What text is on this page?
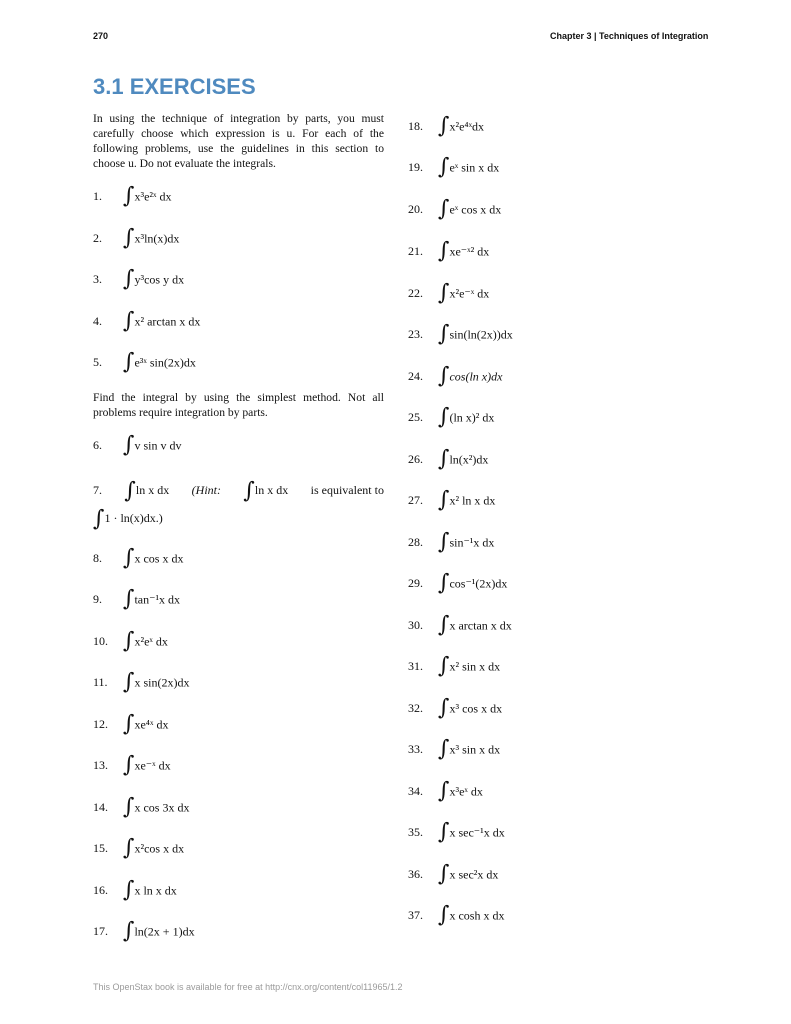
270	Chapter 3 | Techniques of Integration
3.1 EXERCISES
In using the technique of integration by parts, you must carefully choose which expression is u. For each of the following problems, use the guidelines in this section to choose u. Do not evaluate the integrals.
1. ∫x³e²ˣ dx
2. ∫x³ln(x)dx
3. ∫y³cos y dx
4. ∫x² arctan x dx
5. ∫e³ˣ sin(2x)dx
Find the integral by using the simplest method. Not all problems require integration by parts.
6. ∫v sin v dv
7. ∫ln x dx (Hint: ∫ln x dx is equivalent to
∫1 · ln(x)dx.)
8. ∫x cos x dx
9. ∫tan⁻¹x dx
10. ∫x²eˣ dx
11. ∫x sin(2x)dx
12. ∫xe⁴ˣ dx
13. ∫xe⁻ˣ dx
14. ∫x cos 3x dx
15. ∫x²cos x dx
16. ∫x ln x dx
17. ∫ln(2x + 1)dx
18. ∫x²e⁴ˣdx
19. ∫eˣ sin x dx
20. ∫eˣ cos x dx
21. ∫xe⁻ˣ² dx
22. ∫x²e⁻ˣ dx
23. ∫sin(ln(2x))dx
24. ∫cos(ln x)dx
25. ∫(ln x)² dx
26. ∫ln(x²)dx
27. ∫x² ln x dx
28. ∫sin⁻¹x dx
29. ∫cos⁻¹(2x)dx
30. ∫x arctan x dx
31. ∫x² sin x dx
32. ∫x³ cos x dx
33. ∫x³ sin x dx
34. ∫x³eˣ dx
35. ∫x sec⁻¹x dx
36. ∫x sec²x dx
37. ∫x cosh x dx
This OpenStax book is available for free at http://cnx.org/content/col11965/1.2
